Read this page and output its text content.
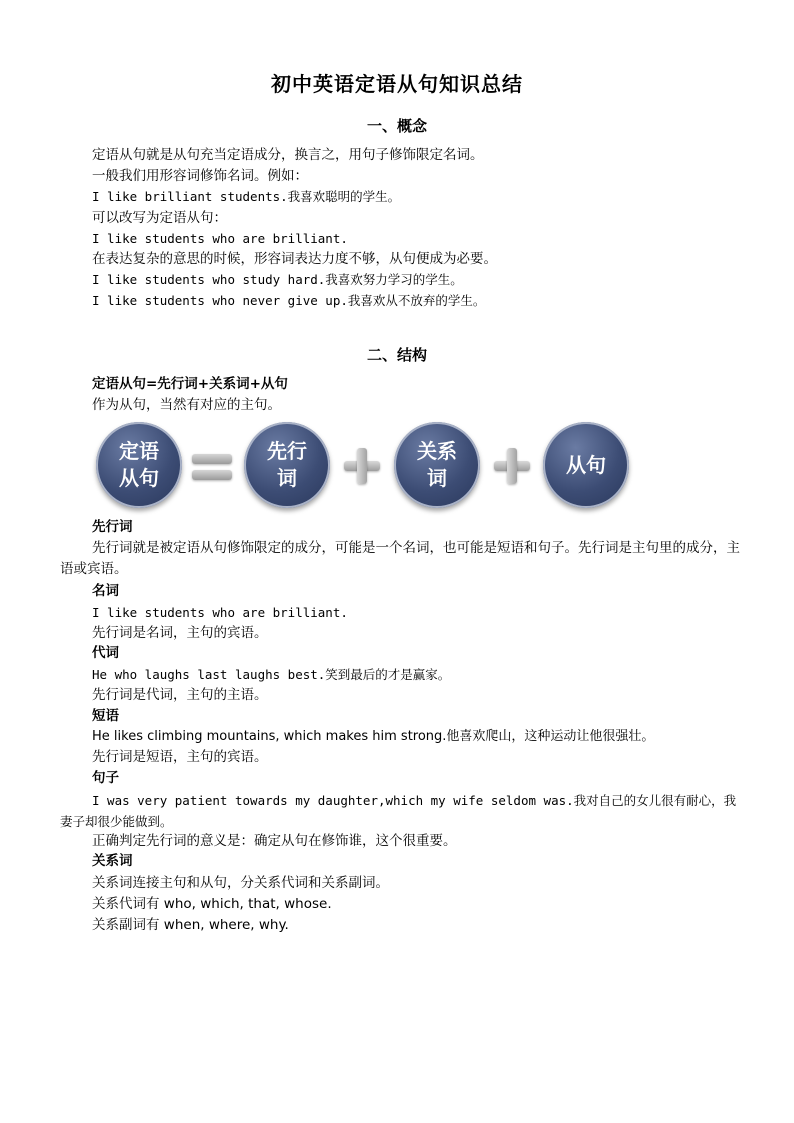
初中英语定语从句知识总结
一、概念
定语从句就是从句充当定语成分，换言之，用句子修饰限定名词。
一般我们用形容词修饰名词。例如：
I like brilliant students.我喜欢聪明的学生。
可以改写为定语从句：
I like students who are brilliant.
在表达复杂的意思的时候，形容词表达力度不够，从句便成为必要。
I like students who study hard.我喜欢努力学习的学生。
I like students who never give up.我喜欢从不放弃的学生。
二、结构
定语从句=先行词+关系词+从句
作为从句，当然有对应的主句。
定语
从句
先行
词
关系
词
从句
先行词
先行词就是被定语从句修饰限定的成分，可能是一个名词，也可能是短语和句子。先行词是主句里的成分，主语或宾语。
名词
I like students who are brilliant.
先行词是名词，主句的宾语。
代词
He who laughs last laughs best.笑到最后的才是赢家。
先行词是代词，主句的主语。
短语
He likes climbing mountains, which makes him strong.他喜欢爬山，这种运动让他很强壮。
先行词是短语，主句的宾语。
句子
I was very patient towards my daughter,which my wife seldom was.我对自己的女儿很有耐心，我妻子却很少能做到。
正确判定先行词的意义是：确定从句在修饰谁，这个很重要。
关系词
关系词连接主句和从句，分关系代词和关系副词。
关系代词有 who, which, that, whose.
关系副词有 when, where, why.
